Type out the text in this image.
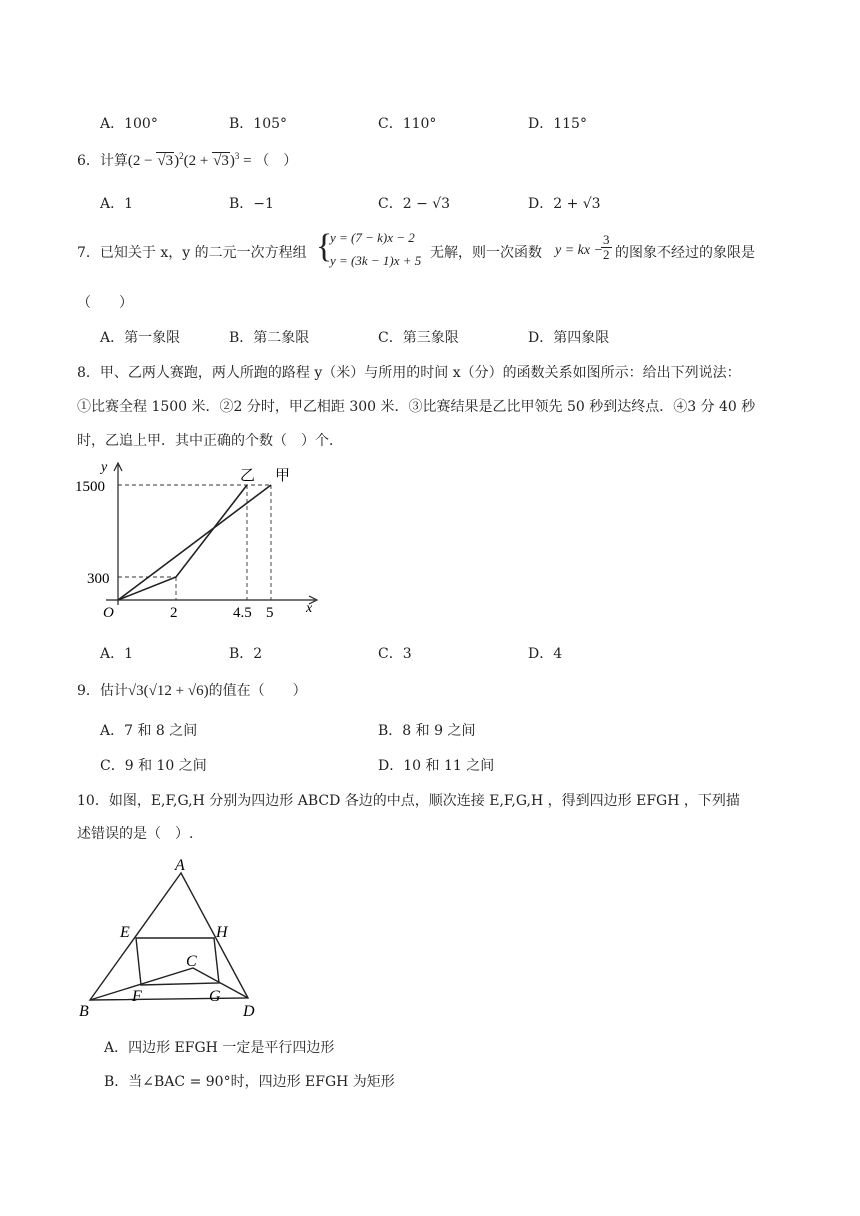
A．100°	B．105°	C．110°	D．115°
6．计算$(2 - √3)^2(2 + √3)^3$ = （　）
A．1	B．−1	C．2 − √3	D．2 + √3
7．已知关于 x，y 的二元一次方程组 {
y = (7 − k)x − 2
y = (3k − 1)x + 5 无解，则一次函数 y = kx −
$\frac{3}{2}$ 的图象不经过的象限是
（　　）
A．第一象限	B．第二象限	C．第三象限	D．第四象限
8．甲、乙两人赛跑，两人所跑的路程 y（米）与所用的时间 x（分）的函数关系如图所示：给出下列说法：
①比赛全程 1500 米．②2 分时，甲乙相距 300 米．③比赛结果是乙比甲领先 50 秒到达终点．④3 分 40 秒
时，乙追上甲．其中正确的个数（　）个．
y
x
O
1500
300
2	4.5 5
乙 甲
A
E	H
C
B
F	G
D
A．1	B．2	C．3	D．4
9．估计√3(√12 + √6)的值在（　　）
A．7 和 8 之间	B．8 和 9 之间
C．9 和 10 之间	D．10 和 11 之间
10．如图，E,F,G,H 分别为四边形 ABCD 各边的中点，顺次连接 E,F,G,H ，得到四边形 EFGH ，下列描
述错误的是（　）.
A．四边形 EFGH 一定是平行四边形
B．当∠BAC = 90°时，四边形 EFGH 为矩形
